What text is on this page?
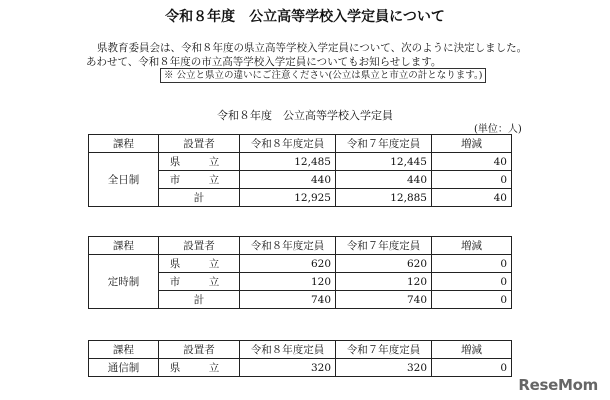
令和８年度　公立高等学校入学定員について
県教育委員会は、令和８年度の県立高等学校入学定員について、次のように決定しました。
あわせて、令和８年度の市立高等学校入学定員についてもお知らせします。
※ 公立と県立の違いにご注意ください(公立は県立と市立の計となります。)
令和８年度　公立高等学校入学定員
(単位：人)
課程	設置者	令和８年度定員	令和７年度定員	増減
全日制	県　立	12,485	12,445	40
	市　立	440	440	0
	計	12,925	12,885	40
課程	設置者	令和８年度定員	令和７年度定員	増減
定時制	県　立	620	620	0
	市　立	120	120	0
	計	740	740	0
課程	設置者	令和８年度定員	令和７年度定員	増減
通信制	県　立	320	320	0
ReseMom
